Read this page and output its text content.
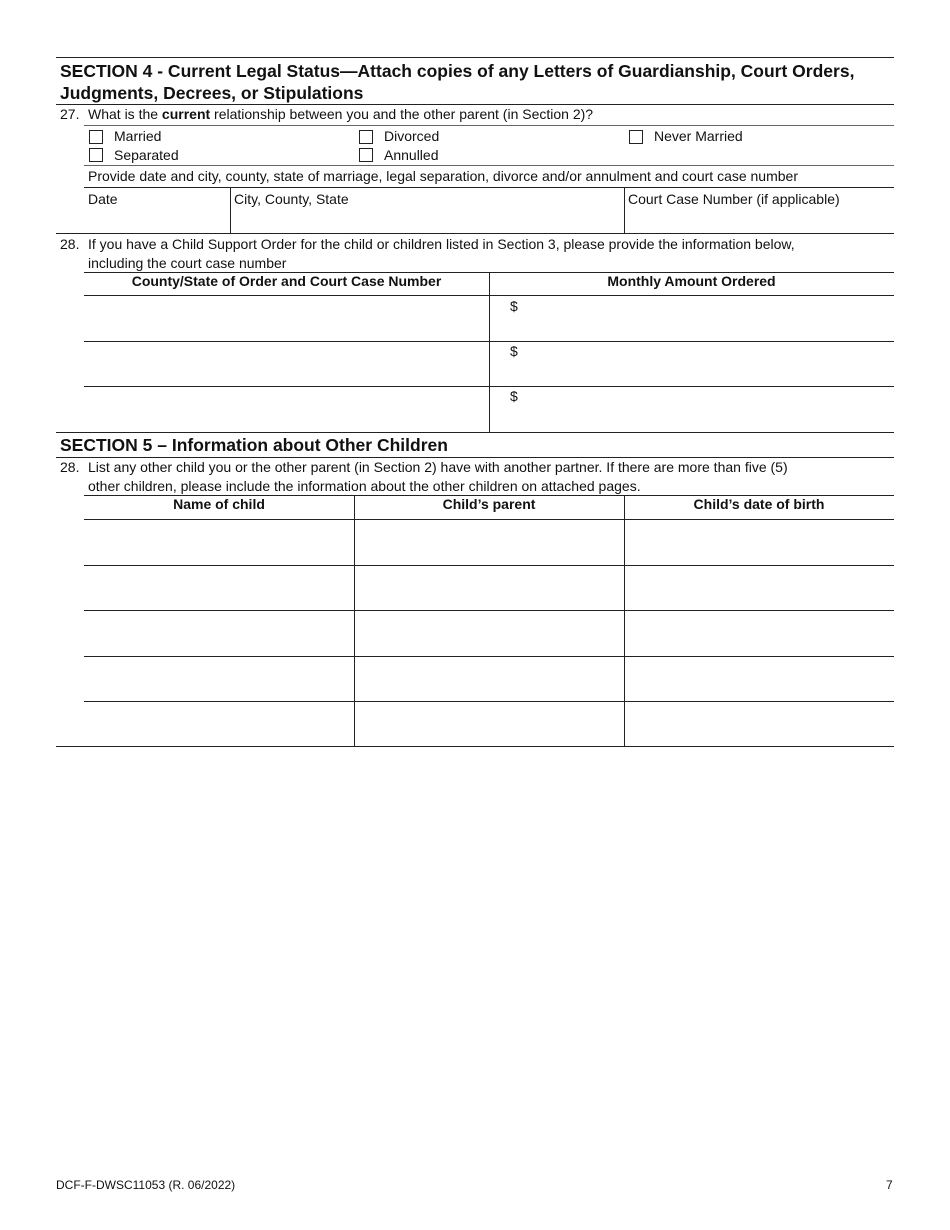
SECTION 4 - Current Legal Status—Attach copies of any Letters of Guardianship, Court Orders,
Judgments, Decrees, or Stipulations
27. What is the current relationship between you and the other parent (in Section 2)?
Married	Divorced	Never Married
Separated	Annulled
Provide date and city, county, state of marriage, legal separation, divorce and/or annulment and court case number
Date	City, County, State	Court Case Number (if applicable)
28. If you have a Child Support Order for the child or children listed in Section 3, please provide the information below,
including the court case number
County/State of Order and Court Case Number	Monthly Amount Ordered
$
$
$
SECTION 5 – Information about Other Children
28. List any other child you or the other parent (in Section 2) have with another partner. If there are more than five (5)
other children, please include the information about the other children on attached pages.
Name of child	Child’s parent	Child’s date of birth
DCF-F-DWSC11053 (R. 06/2022)	7
